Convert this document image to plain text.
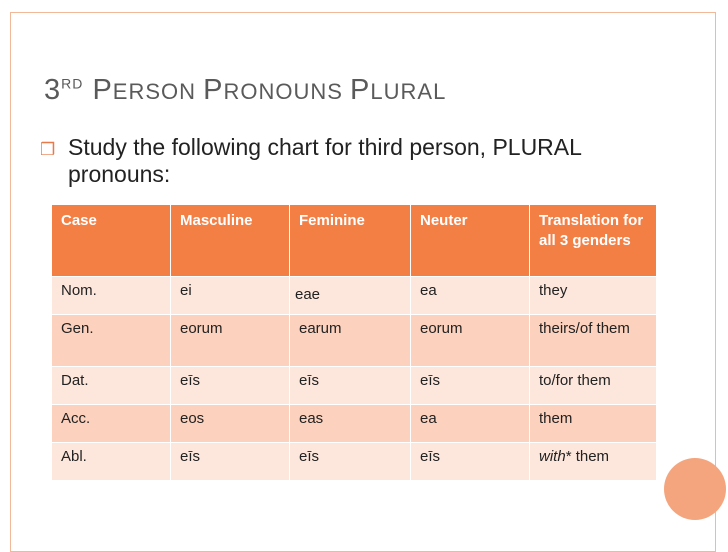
3RD PERSON PRONOUNS PLURAL
❒ Study the following chart for third person, PLURAL pronouns:

Case	Masculine	Feminine	Neuter	Translation for all 3 genders
Nom.	ei	eae	ea	they
Gen.	eorum	earum	eorum	theirs/of them
Dat.	eīs	eīs	eīs	to/for them
Acc.	eos	eas	ea	them
Abl.	eīs	eīs	eīs	with* them
